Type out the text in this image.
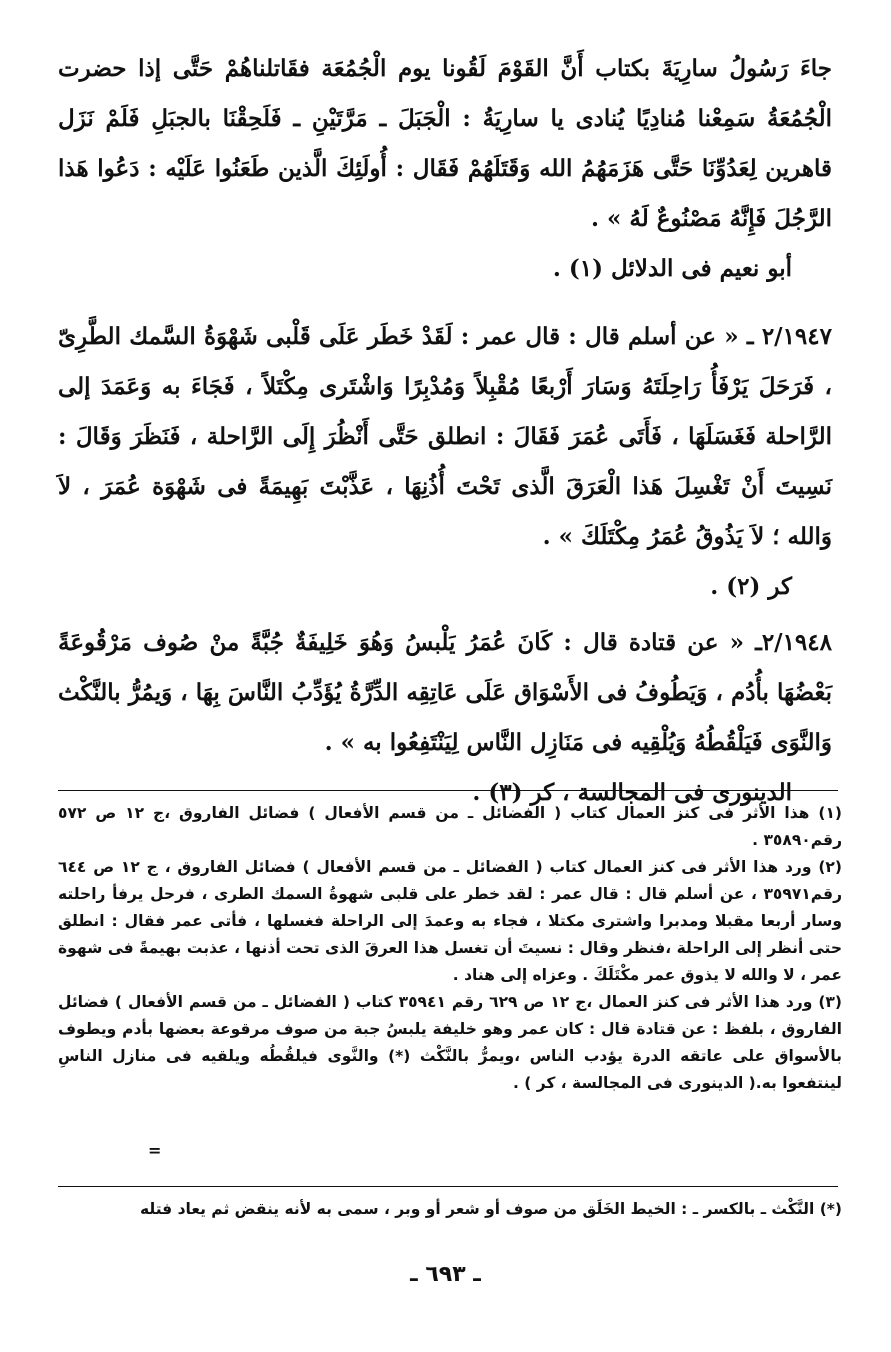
جاءَ رَسُولُ سارِيَةَ بكتاب أَنَّ القَوْمَ لَقُونا يوم الْجُمُعَة فقَاتلناهُمْ حَتَّى إذا حضرت الْجُمُعَةُ سَمِعْنا مُنادِيًا يُنادى يا سارِيَةُ : الْجَبَلَ ـ مَرَّتَيْنِ ـ فَلَحِقْنَا بالجبَلِ فَلَمْ نَزَل قاهرين لِعَدُوِّنَا حَتَّى هَزَمَهُمُ الله وَقَتَلَهُمْ فَقَال : أُولَئِكَ الَّذين طَعَنُوا عَلَيْه : دَعُوا هَذا الرَّجُلَ فَإِنَّهُ مَصْنُوعٌ لَهُ » .

أبو نعيم فى الدلائل (١) .

٢/١٩٤٧ ـ « عن أسلم قال : قال عمر : لَقَدْ خَطَر عَلَى قَلْبى شَهْوَةُ السَّمك الطَّرِىّ ، فَرَحَلَ يَرْفَأُ رَاحِلَتَهُ وَسَارَ أَرْبعًا مُقْبِلاً وَمُدْبِرًا وَاشْتَرى مِكْتَلاً ، فَجَاءَ به وَعَمَدَ إلى الرَّاحلة فَغَسَلَهَا ، فَأَتَى عُمَرَ فَقَالَ : انطلق حَتَّى أَنْظُرَ إِلَى الرَّاحلة ، فَنَظَرَ وَقَالَ : نَسِيتَ أَنْ تَغْسِلَ هَذا الْعَرَقَ الَّذى تَحْتَ أُذُنِهَا ، عَذَّبْتَ بَهِيمَةً فى شَهْوَة عُمَرَ ، لاَ وَالله ؛ لاَ يَذُوقُ عُمَرُ مِكْتَلَكَ » .

كر (٢) .

٢/١٩٤٨ـ « عن قتادة قال : كَانَ عُمَرُ يَلْبسُ وَهُوَ خَلِيفَةٌ جُبَّةً منْ صُوف مَرْقُوعَةً بَعْضُهَا بأُدُم ، وَيَطُوفُ فى الأَسْوَاق عَلَى عَاتِقِه الدِّرَّةُ يُؤَدِّبُ النَّاسَ بِهَا ، وَيمُرُّ بالنَّكْث وَالنَّوَى فَيَلْقُطُهُ وَيُلْقِيه فى مَنَازِل النَّاس لِيَنْتَفِعُوا به » .

الدينورى فى المجالسة ، كر (٣) .

(١) هذا الأثر فى كنز العمال كتاب ( الفضائل ـ من قسم الأفعال ) فضائل الفاروق ،ج ١٢ ص ٥٧٢ رقم٣٥٨٩٠ .

(٢) ورد هذا الأثر فى كنز العمال كتاب ( الفضائل ـ من قسم الأفعال ) فضائل الفاروق ، ج ١٢ ص ٦٤٤ رقم٣٥٩٧١ ، عن أسلم قال : قال عمر : لقد خطر على قلبى شهوةُ السمك الطرى ، فرحل يرفأ راحلته وسار أربعا مقبلا ومدبرا واشترى مكتلا ، فجاء به وعمدَ إلى الراحلة فغسلها ، فأتى عمر فقال : انطلق حتى أنظر إلى الراحلة ،فنظر وقال : نسيتَ أن تغسل هذا العرقَ الذى تحت أذنها ، عذبت بهيمةً فى شهوة عمر ، لا والله لا يذوق عمر مكْتَلَكَ . وعزاه إلى هناد .

(٣) ورد هذا الأثر فى كنز العمال ،ج ١٢ ص ٦٢٩ رقم ٣٥٩٤١ كتاب ( الفضائل ـ من قسم الأفعال ) فضائل الفاروق ، بلفظ : عن قتادة قال : كان عمر وهو خليفة يلبسُ جبة من صوف مرقوعة بعضها بأدم ويطوف بالأسواق على عاتقه الدرة يؤدب الناس ،ويمرُّ بالنَّكْث (*) والنَّوى فيلقُطُه ويلقيه فى منازل الناسِ لينتفعوا به.( الدينورى فى المجالسة ، كر ) .

=
(*) النَّكْث ـ بالكسر ـ : الخيط الخَلَق من صوف أو شعر أو وبر ، سمى به لأنه ينقض ثم يعاد فتله
ـ ٦٩٣ ـ
